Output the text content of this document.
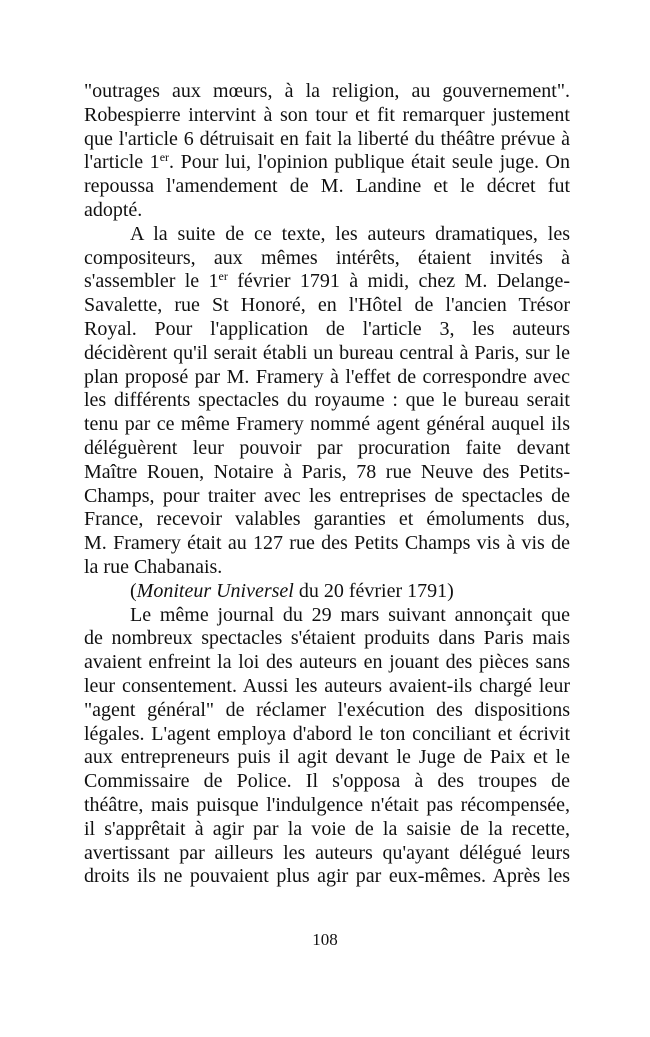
"outrages aux mœurs, à la religion, au gouvernement".
Robespierre intervint à son tour et fit remarquer justement
que l'article 6 détruisait en fait la liberté du théâtre prévue à
l'article 1er. Pour lui, l'opinion publique était seule juge. On
repoussa l'amendement de M. Landine et le décret fut
adopté.
A la suite de ce texte, les auteurs dramatiques, les
compositeurs, aux mêmes intérêts, étaient invités à
s'assembler le 1er février 1791 à midi, chez M. Delange-
Savalette, rue St Honoré, en l'Hôtel de l'ancien Trésor
Royal. Pour l'application de l'article 3, les auteurs
décidèrent qu'il serait établi un bureau central à Paris, sur le
plan proposé par M. Framery à l'effet de correspondre avec
les différents spectacles du royaume : que le bureau serait
tenu par ce même Framery nommé agent général auquel ils
déléguèrent leur pouvoir par procuration faite devant
Maître Rouen, Notaire à Paris, 78 rue Neuve des Petits-
Champs, pour traiter avec les entreprises de spectacles de
France, recevoir valables garanties et émoluments dus,
M. Framery était au 127 rue des Petits Champs vis à vis de
la rue Chabanais.
(Moniteur Universel du 20 février 1791)
Le même journal du 29 mars suivant annonçait que
de nombreux spectacles s'étaient produits dans Paris mais
avaient enfreint la loi des auteurs en jouant des pièces sans
leur consentement. Aussi les auteurs avaient-ils chargé leur
"agent général" de réclamer l'exécution des dispositions
légales. L'agent employa d'abord le ton conciliant et écrivit
aux entrepreneurs puis il agit devant le Juge de Paix et le
Commissaire de Police. Il s'opposa à des troupes de
théâtre, mais puisque l'indulgence n'était pas récompensée,
il s'apprêtait à agir par la voie de la saisie de la recette,
avertissant par ailleurs les auteurs qu'ayant délégué leurs
droits ils ne pouvaient plus agir par eux-mêmes. Après les
108
